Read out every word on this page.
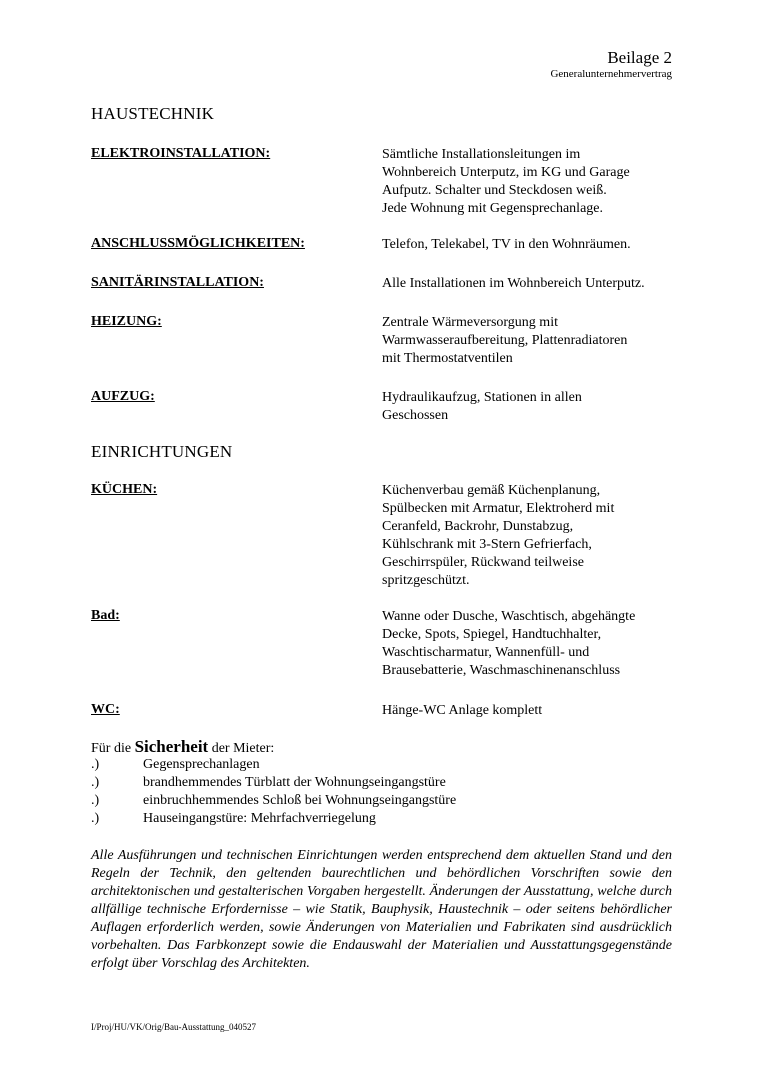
Beilage 2
Generalunternehmervertrag
HAUSTECHNIK
ELEKTROINSTALLATION:	Sämtliche Installationsleitungen im
Wohnbereich Unterputz, im KG und Garage
Aufputz. Schalter und Steckdosen weiß.
Jede Wohnung mit Gegensprechanlage.
ANSCHLUSSMÖGLICHKEITEN:	Telefon, Telekabel, TV in den Wohnräumen.
SANITÄRINSTALLATION:	Alle Installationen im Wohnbereich Unterputz.
HEIZUNG:	Zentrale Wärmeversorgung mit
Warmwasseraufbereitung, Plattenradiatoren
mit Thermostatventilen
AUFZUG:	Hydraulikaufzug, Stationen in allen
Geschossen
EINRICHTUNGEN
KÜCHEN:	Küchenverbau gemäß Küchenplanung,
Spülbecken mit Armatur, Elektroherd mit
Ceranfeld, Backrohr, Dunstabzug,
Kühlschrank mit 3-Stern Gefrierfach,
Geschirrspüler, Rückwand teilweise
spritzgeschützt.
Bad:	Wanne oder Dusche, Waschtisch, abgehängte
Decke, Spots, Spiegel, Handtuchhalter,
Waschtischarmatur, Wannenfüll- und
Brausebatterie, Waschmaschinenanschluss
WC:	Hänge-WC Anlage komplett
Für die Sicherheit der Mieter:
.)	Gegensprechanlagen
.)	brandhemmendes Türblatt der Wohnungseingangstüre
.)	einbruchhemmendes Schloß bei Wohnungseingangstüre
.)	Hauseingangstüre: Mehrfachverriegelung
Alle Ausführungen und technischen Einrichtungen werden entsprechend dem aktuellen Stand und den Regeln der Technik, den geltenden baurechtlichen und behördlichen Vorschriften sowie den architektonischen und gestalterischen Vorgaben hergestellt. Änderungen der Ausstattung, welche durch allfällige technische Erfordernisse – wie Statik, Bauphysik, Haustechnik – oder seitens behördlicher Auflagen erforderlich werden, sowie Änderungen von Materialien und Fabrikaten sind ausdrücklich vorbehalten. Das Farbkonzept sowie die Endauswahl der Materialien und Ausstattungsgegenstände erfolgt über Vorschlag des Architekten.
I/Proj/HU/VK/Orig/Bau-Ausstattung_040527
